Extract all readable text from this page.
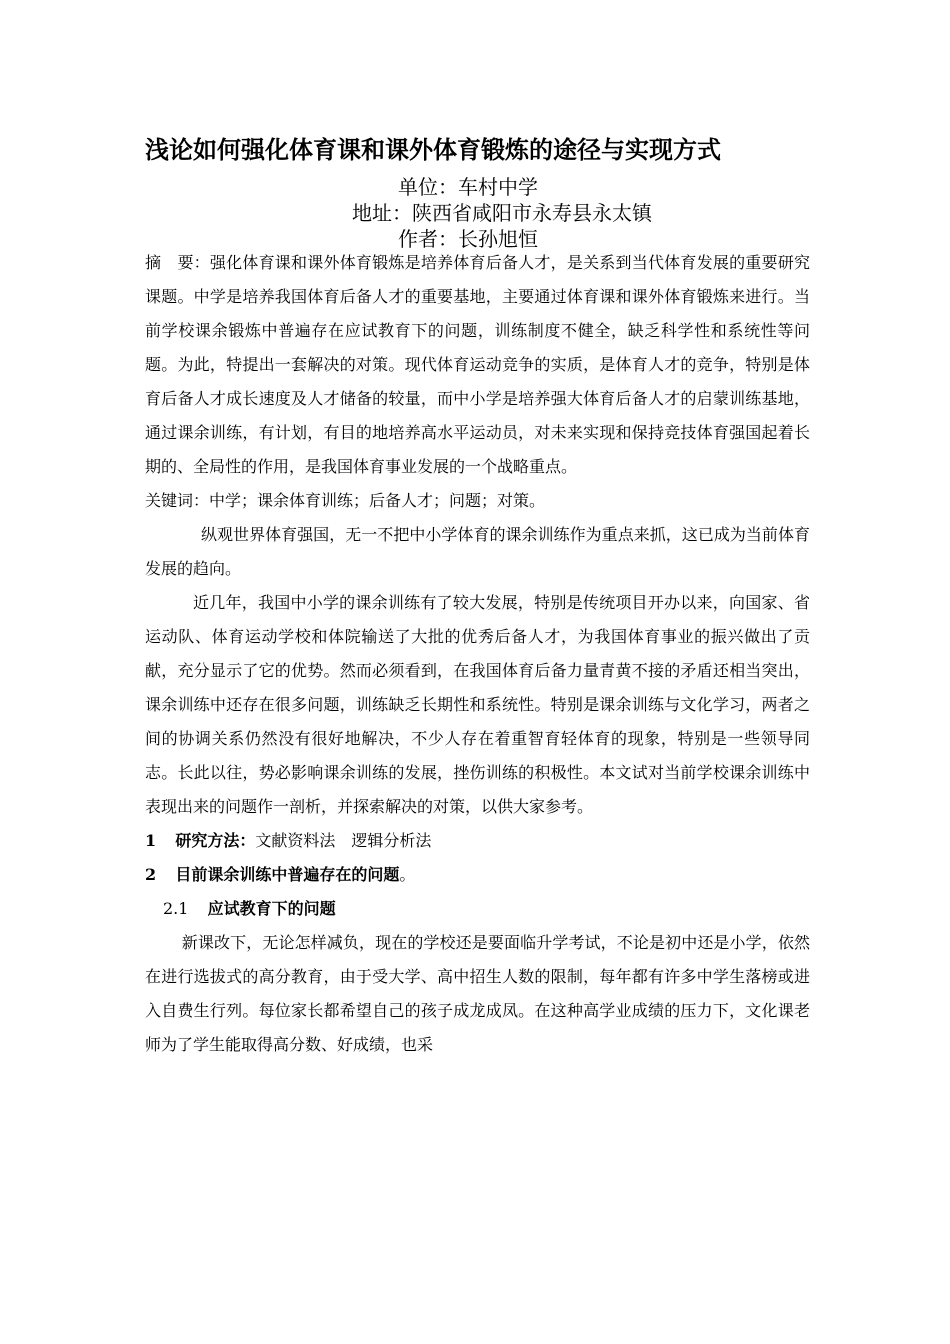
浅论如何强化体育课和课外体育锻炼的途径与实现方式
单位：车村中学
地址：陕西省咸阳市永寿县永太镇
作者：长孙旭恒

摘　要：强化体育课和课外体育锻炼是培养体育后备人才，是关系到当代体育发展的重要研究课题。中学是培养我国体育后备人才的重要基地，主要通过体育课和课外体育锻炼来进行。当前学校课余锻炼中普遍存在应试教育下的问题，训练制度不健全，缺乏科学性和系统性等问题。为此，特提出一套解决的对策。现代体育运动竞争的实质，是体育人才的竞争，特别是体育后备人才成长速度及人才储备的较量，而中小学是培养强大体育后备人才的启蒙训练基地，通过课余训练，有计划，有目的地培养高水平运动员，对未来实现和保持竞技体育强国起着长期的、全局性的作用，是我国体育事业发展的一个战略重点。

关键词：中学；课余体育训练；后备人才；问题；对策。

纵观世界体育强国，无一不把中小学体育的课余训练作为重点来抓，这已成为当前体育发展的趋向。

近几年，我国中小学的课余训练有了较大发展，特别是传统项目开办以来，向国家、省运动队、体育运动学校和体院输送了大批的优秀后备人才，为我国体育事业的振兴做出了贡献，充分显示了它的优势。然而必须看到，在我国体育后备力量青黄不接的矛盾还相当突出，课余训练中还存在很多问题，训练缺乏长期性和系统性。特别是课余训练与文化学习，两者之间的协调关系仍然没有很好地解决，不少人存在着重智育轻体育的现象，特别是一些领导同志。长此以往，势必影响课余训练的发展，挫伤训练的积极性。本文试对当前学校课余训练中表现出来的问题作一剖析，并探索解决的对策，以供大家参考。

1 研究方法：文献资料法　逻辑分析法

2 目前课余训练中普遍存在的问题。

2.1 应试教育下的问题

新课改下，无论怎样减负，现在的学校还是要面临升学考试，不论是初中还是小学，依然在进行选拔式的高分教育，由于受大学、高中招生人数的限制，每年都有许多中学生落榜或进入自费生行列。每位家长都希望自己的孩子成龙成凤。在这种高学业成绩的压力下，文化课老师为了学生能取得高分数、好成绩，也采
